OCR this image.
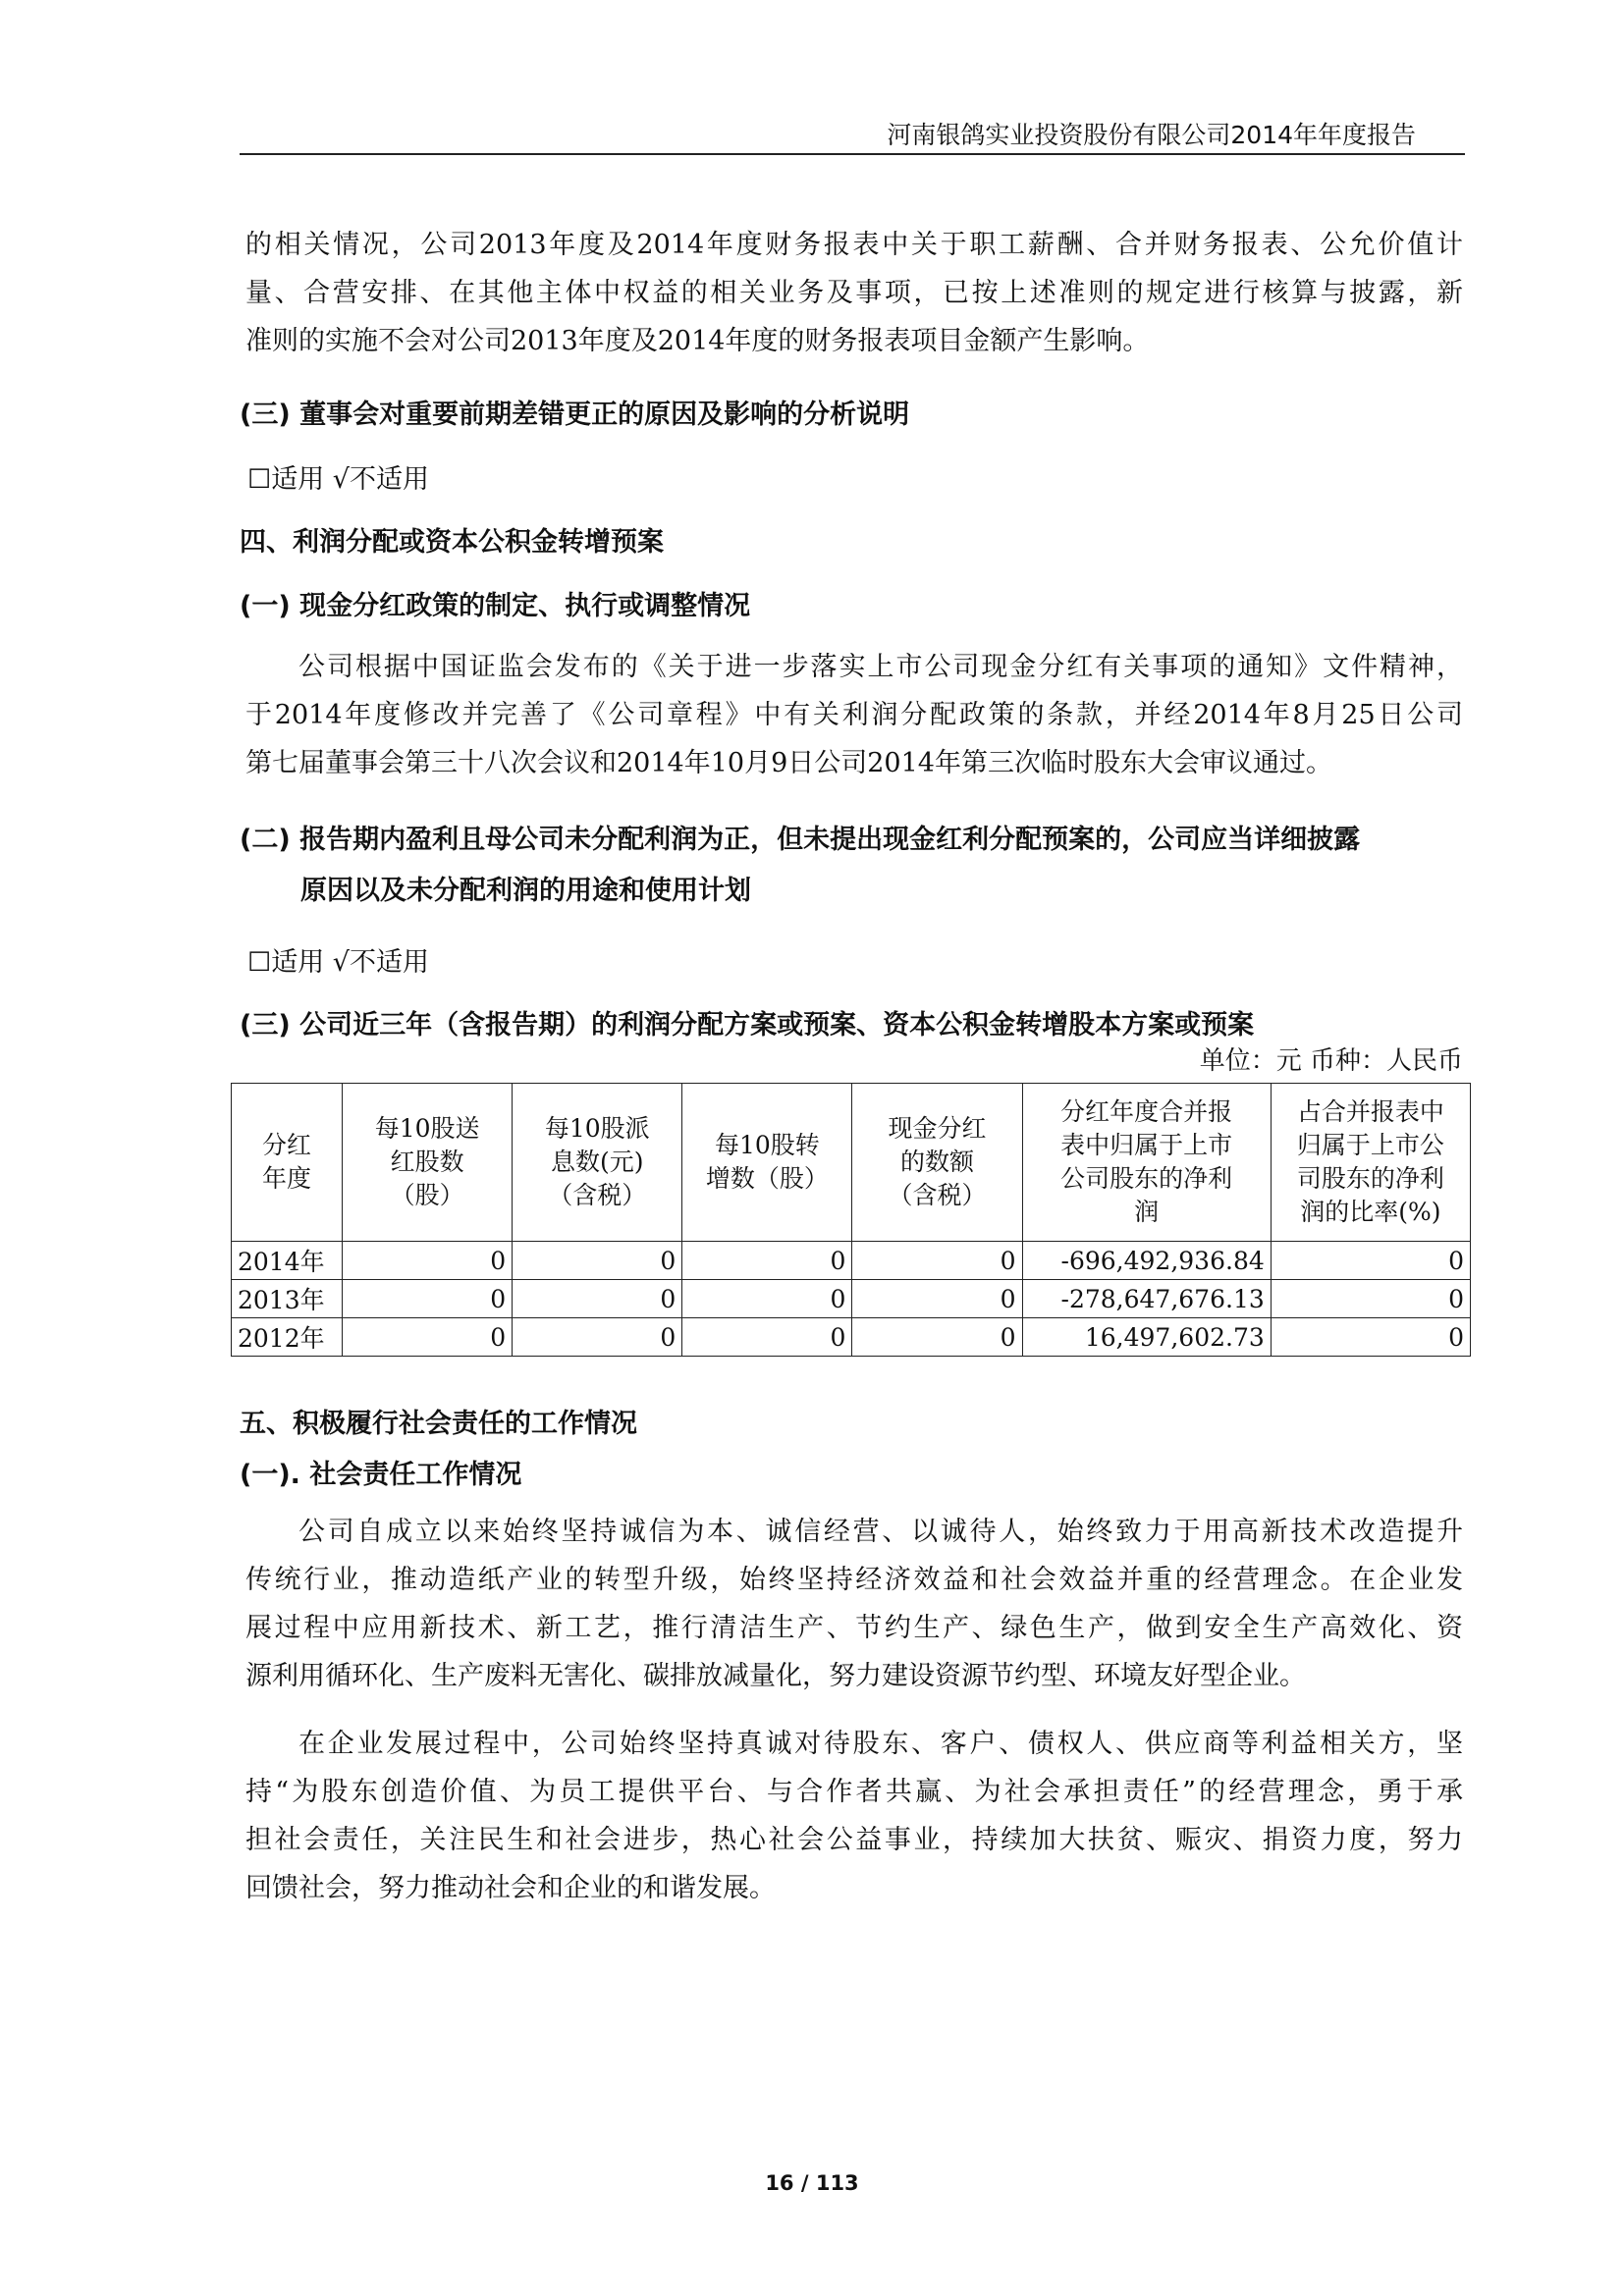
河南银鸽实业投资股份有限公司2014年年度报告

的相关情况，公司2013年度及2014年度财务报表中关于职工薪酬、合并财务报表、公允价值计

量、合营安排、在其他主体中权益的相关业务及事项，已按上述准则的规定进行核算与披露，新

准则的实施不会对公司2013年度及2014年度的财务报表项目金额产生影响。

(三) 董事会对重要前期差错更正的原因及影响的分析说明

☐适用 √不适用

四、利润分配或资本公积金转增预案

(一) 现金分红政策的制定、执行或调整情况

公司根据中国证监会发布的《关于进一步落实上市公司现金分红有关事项的通知》文件精神，

于2014年度修改并完善了《公司章程》中有关利润分配政策的条款，并经2014年8月25日公司

第七届董事会第三十八次会议和2014年10月9日公司2014年第三次临时股东大会审议通过。

(二) 报告期内盈利且母公司未分配利润为正，但未提出现金红利分配预案的，公司应当详细披露
原因以及未分配利润的用途和使用计划

☐适用 √不适用

(三) 公司近三年（含报告期）的利润分配方案或预案、资本公积金转增股本方案或预案

单位：元 币种：人民币
分红
年度	每10股送
红股数
（股）	每10股派
息数(元)
（含税）	每10股转
增数（股）	现金分红
的数额
（含税）	分红年度合并报
表中归属于上市
公司股东的净利
润	占合并报表中
归属于上市公
司股东的净利
润的比率(%)
2014年	0	0	0	0	-696,492,936.84	0
2013年	0	0	0	0	-278,647,676.13	0
2012年	0	0	0	0	16,497,602.73	0

五、积极履行社会责任的工作情况

(一). 社会责任工作情况

公司自成立以来始终坚持诚信为本、诚信经营、以诚待人，始终致力于用高新技术改造提升

传统行业，推动造纸产业的转型升级，始终坚持经济效益和社会效益并重的经营理念。在企业发

展过程中应用新技术、新工艺，推行清洁生产、节约生产、绿色生产，做到安全生产高效化、资

源利用循环化、生产废料无害化、碳排放减量化，努力建设资源节约型、环境友好型企业。

在企业发展过程中，公司始终坚持真诚对待股东、客户、债权人、供应商等利益相关方，坚

持“为股东创造价值、为员工提供平台、与合作者共赢、为社会承担责任”的经营理念，勇于承

担社会责任，关注民生和社会进步，热心社会公益事业，持续加大扶贫、赈灾、捐资力度，努力

回馈社会，努力推动社会和企业的和谐发展。

16 / 113
